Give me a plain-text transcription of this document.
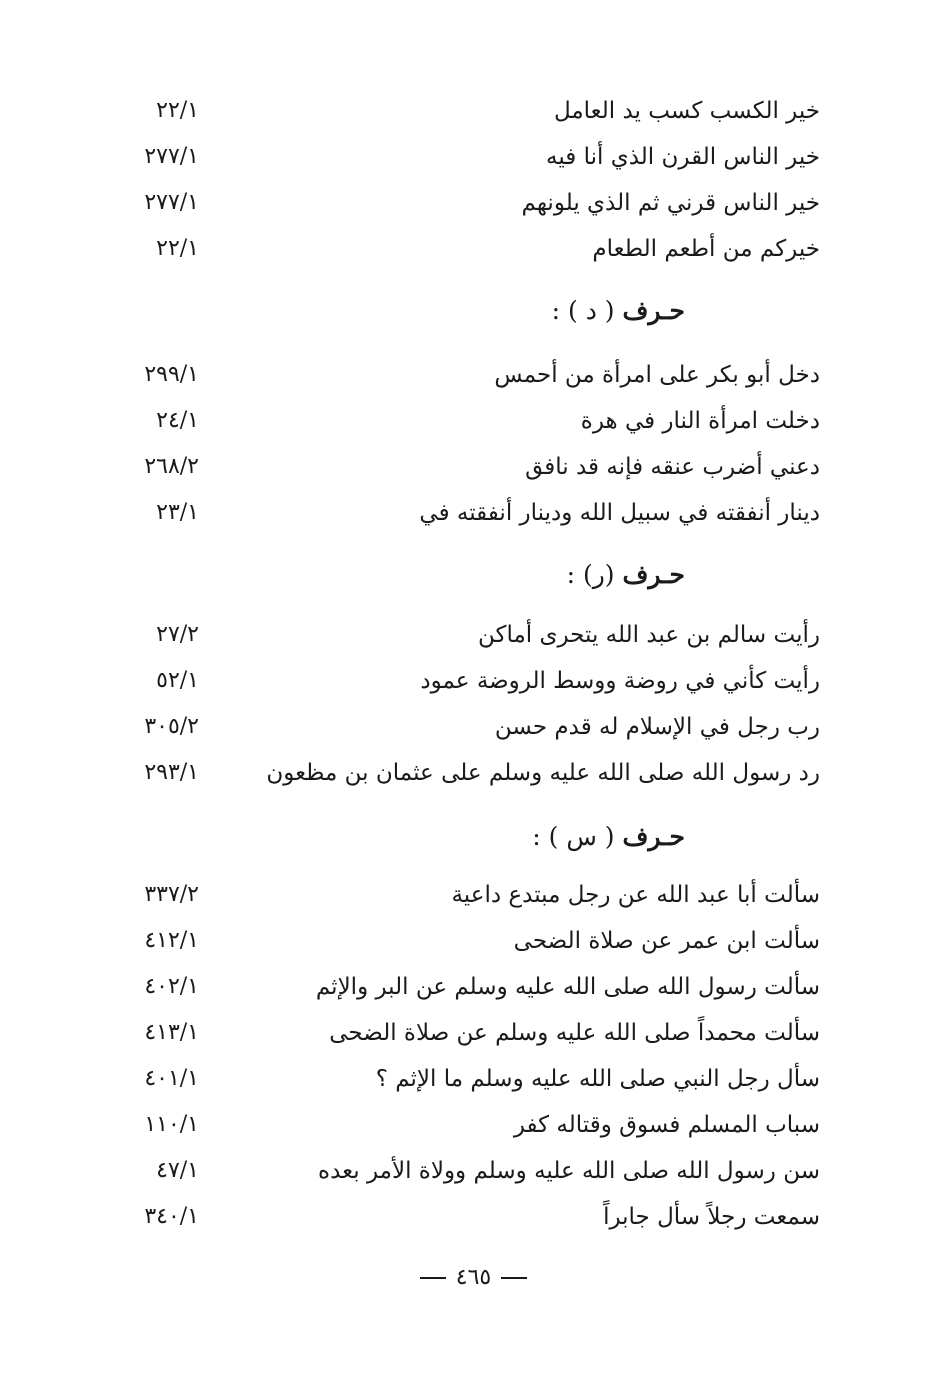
خير الكسب كسب يد العامل
٢٢/١
خير الناس القرن الذي أنا فيه
٢٧٧/١
خير الناس قرني ثم الذي يلونهم
٢٧٧/١
خيركم من أطعم الطعام
٢٢/١
حـرف ( د ) :
دخل أبو بكر على امرأة من أحمس
٢٩٩/١
دخلت امرأة النار في هرة
٢٤/١
دعني أضرب عنقه فإنه قد نافق
٢٦٨/٢
دينار أنفقته في سبيل الله ودينار أنفقته في
٢٣/١
حـرف (ر) :
رأيت سالم بن عبد الله يتحرى أماكن
٢٧/٢
رأيت كأني في روضة ووسط الروضة عمود
٥٢/١
رب رجل في الإسلام له قدم حسن
٣٠٥/٢
رد رسول الله صلى الله عليه وسلم على عثمان بن مظعون
٢٩٣/١
حـرف ( س ) :
سألت أبا عبد الله عن رجل مبتدع داعية
٣٣٧/٢
سألت ابن عمر عن صلاة الضحى
٤١٢/١
سألت رسول الله صلى الله عليه وسلم عن البر والإثم
٤٠٢/١
سألت محمداً صلى الله عليه وسلم عن صلاة الضحى
٤١٣/١
سأل رجل النبي صلى الله عليه وسلم ما الإثم ؟
٤٠١/١
سباب المسلم فسوق وقتاله كفر
١١٠/١
سن رسول الله صلى الله عليه وسلم وولاة الأمر بعده
٤٧/١
سمعت رجلاً سأل جابراً
٣٤٠/١
٤٦٥
